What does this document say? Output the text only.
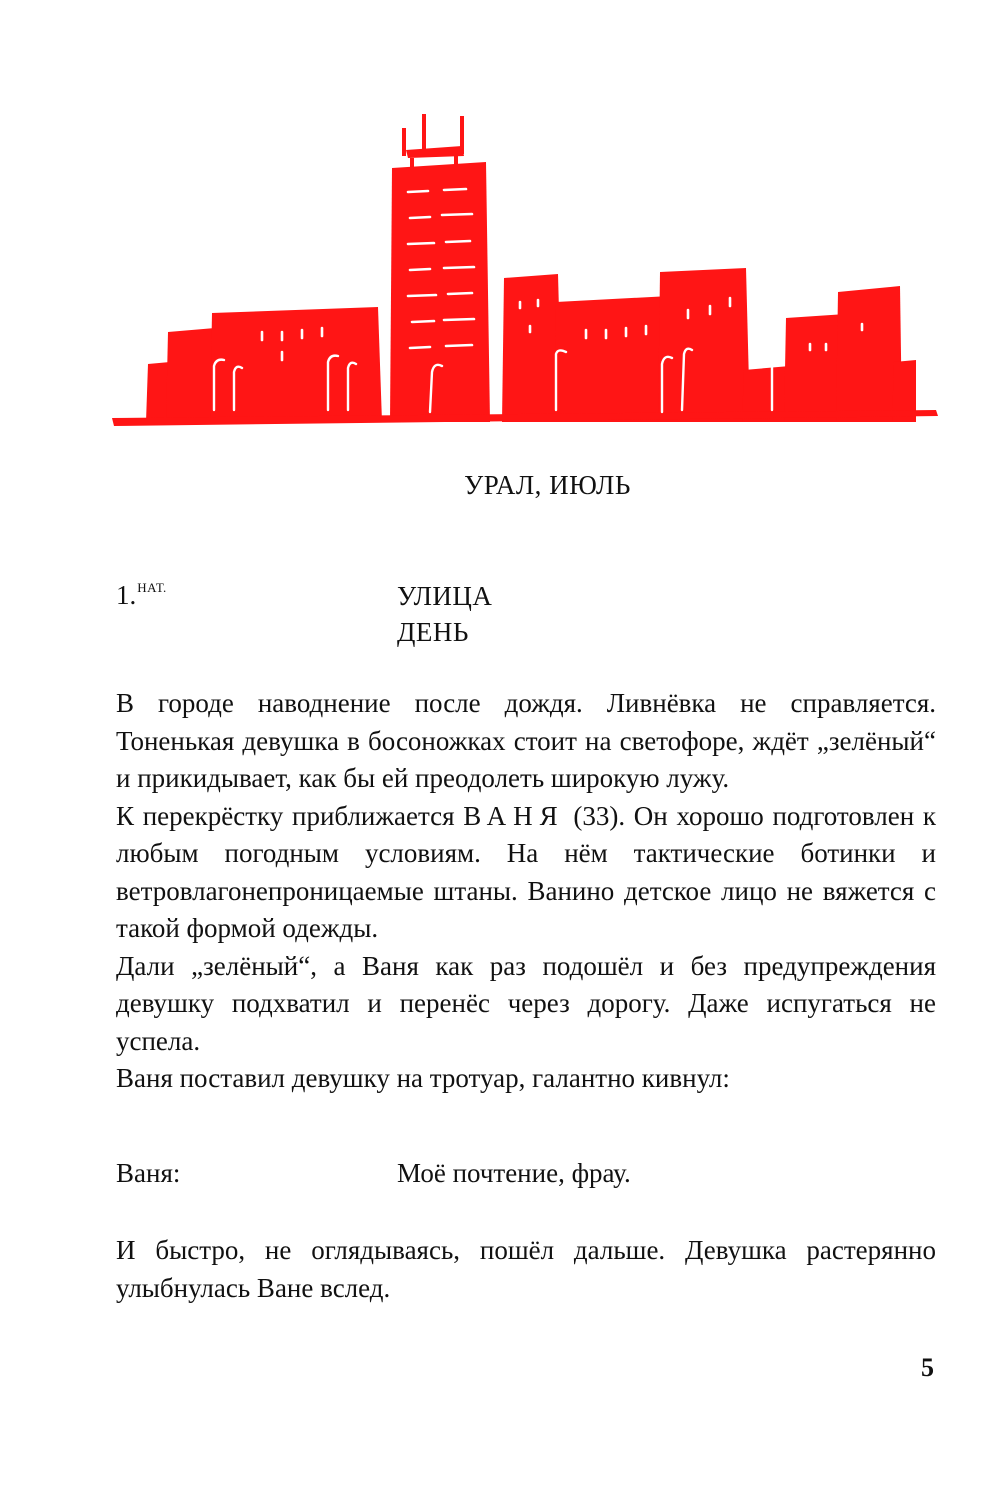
УРАЛ, ИЮЛЬ
1.$^{НАТ.}$	УЛИЦА
ДЕНЬ

В городе наводнение после дождя. Ливнёвка не справляется. Тоненькая девушка в босоножках стоит на светофоре, ждёт „зелёный“ и прикидывает, как бы ей преодолеть широкую лужу.

К перекрёстку приближается ВАНЯ (33). Он хорошо подготовлен к любым погодным условиям. На нём тактические ботинки и ветровлагонепроницаемые штаны. Ванино детское лицо не вяжется с такой формой одежды.

Дали „зелёный“, а Ваня как раз подошёл и без предупреждения девушку подхватил и перенёс через дорогу. Даже испугаться не успела.

Ваня поставил девушку на тротуар, галантно кивнул:

Ваня:	Моё почтение, фрау.

И быстро, не оглядываясь, пошёл дальше. Девушка растерянно улыбнулась Ване вслед.

5
